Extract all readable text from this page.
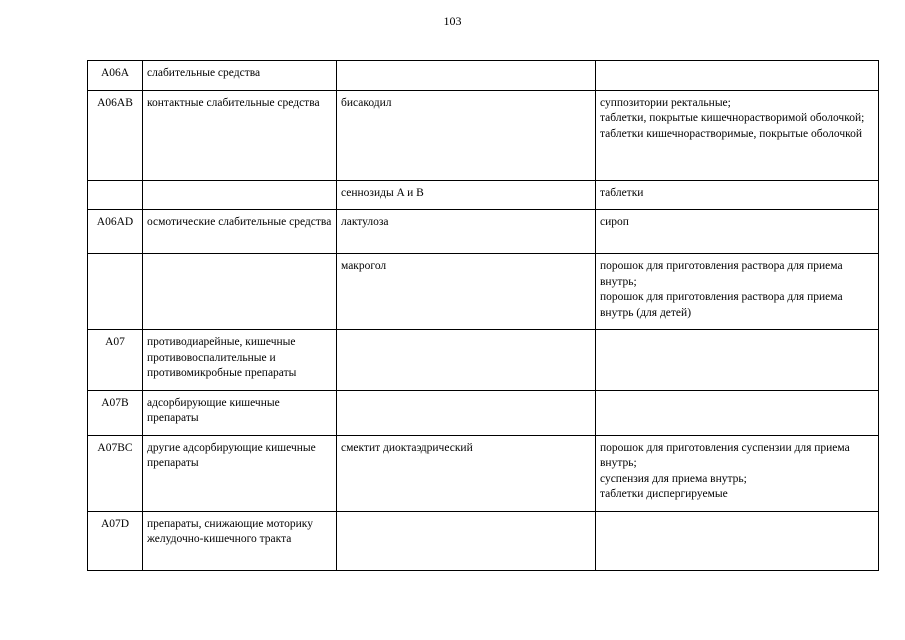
103
A06A	слабительные средства		
A06AB	контактные слабительные средства	бисакодил	суппозитории ректальные;
таблетки, покрытые кишечнорастворимой оболочкой;
таблетки кишечнорастворимые, покрытые оболочкой

		сеннозиды A и B	таблетки
A06AD	осмотические слабительные средства	лактулоза	сироп
		макрогол	порошок для приготовления раствора для приема внутрь;
порошок для приготовления раствора для приема внутрь (для детей)

A07	противодиарейные, кишечные противовоспалительные и противомикробные препараты		
A07B	адсорбирующие кишечные препараты		
A07BC	другие адсорбирующие кишечные препараты	смектит диоктаэдрический	порошок для приготовления суспензии для приема внутрь;
суспензия для приема внутрь;
таблетки диспергируемые

A07D	препараты, снижающие моторику желудочно-кишечного тракта		
